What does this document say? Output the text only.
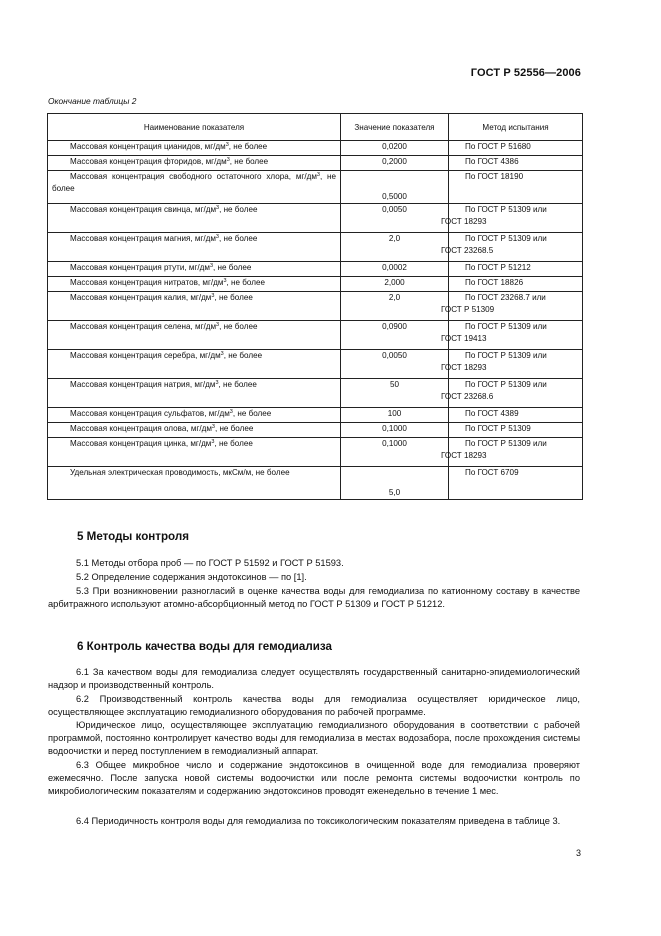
ГОСТ Р 52556—2006
Окончание таблицы 2
Наименование показателя	Значение показателя	Метод испытания
Массовая концентрация цианидов, $мг/дм^3$, не более	0,0200	По ГОСТ Р 51680

Массовая концентрация фторидов, $мг/дм^3$, не более	0,2000	По ГОСТ 4386

Массовая концентрация свободного остаточного хлора, $мг/дм^3$, не более	0,5000	По ГОСТ 18190

Массовая концентрация свинца, $мг/дм^3$, не более	0,0050	По ГОСТ Р 51309 или
ГОСТ 18293

Массовая концентрация магния, $мг/дм^3$, не более	2,0	По ГОСТ Р 51309 или
ГОСТ 23268.5

Массовая концентрация ртути, $мг/дм^3$, не более	0,0002	По ГОСТ Р 51212

Массовая концентрация нитратов, $мг/дм^3$, не более	2,000	По ГОСТ 18826

Массовая концентрация калия, $мг/дм^3$, не более	2,0	По ГОСТ 23268.7 или
ГОСТ Р 51309

Массовая концентрация селена, $мг/дм^3$, не более	0,0900	По ГОСТ Р 51309 или
ГОСТ 19413

Массовая концентрация серебра, $мг/дм^3$, не более	0,0050	По ГОСТ Р 51309 или
ГОСТ 18293

Массовая концентрация натрия, $мг/дм^3$, не более	50	По ГОСТ Р 51309 или
ГОСТ 23268.6

Массовая концентрация сульфатов, $мг/дм^3$, не более	100	По ГОСТ 4389

Массовая концентрация олова, $мг/дм^3$, не более	0,1000	По ГОСТ Р 51309

Массовая концентрация цинка, $мг/дм^3$, не более	0,1000	По ГОСТ Р 51309 или
ГОСТ 18293

Удельная электрическая проводимость, мкСм/м, не более	5,0	По ГОСТ 6709
5 Методы контроля
5.1 Методы отбора проб — по ГОСТ Р 51592 и ГОСТ Р 51593.
5.2 Определение содержания эндотоксинов — по [1].
5.3 При возникновении разногласий в оценке качества воды для гемодиализа по катионному составу в качестве арбитражного используют атомно-абсорбционный метод по ГОСТ Р 51309 и ГОСТ Р 51212.
6 Контроль качества воды для гемодиализа
6.1 За качеством воды для гемодиализа следует осуществлять государственный санитарно-эпидемиологический надзор и производственный контроль.
6.2 Производственный контроль качества воды для гемодиализа осуществляет юридическое лицо, осуществляющее эксплуатацию гемодиализного оборудования по рабочей программе.
Юридическое лицо, осуществляющее эксплуатацию гемодиализного оборудования в соответствии с рабочей программой, постоянно контролирует качество воды для гемодиализа в местах водозабора, после прохождения системы водоочистки и перед поступлением в гемодиализный аппарат.
6.3 Общее микробное число и содержание эндотоксинов в очищенной воде для гемодиализа проверяют ежемесячно. После запуска новой системы водоочистки или после ремонта системы водоочистки контроль по микробиологическим показателям и содержанию эндотоксинов проводят еженедельно в течение 1 мес.
6.4 Периодичность контроля воды для гемодиализа по токсикологическим показателям приведена в таблице 3.
3
